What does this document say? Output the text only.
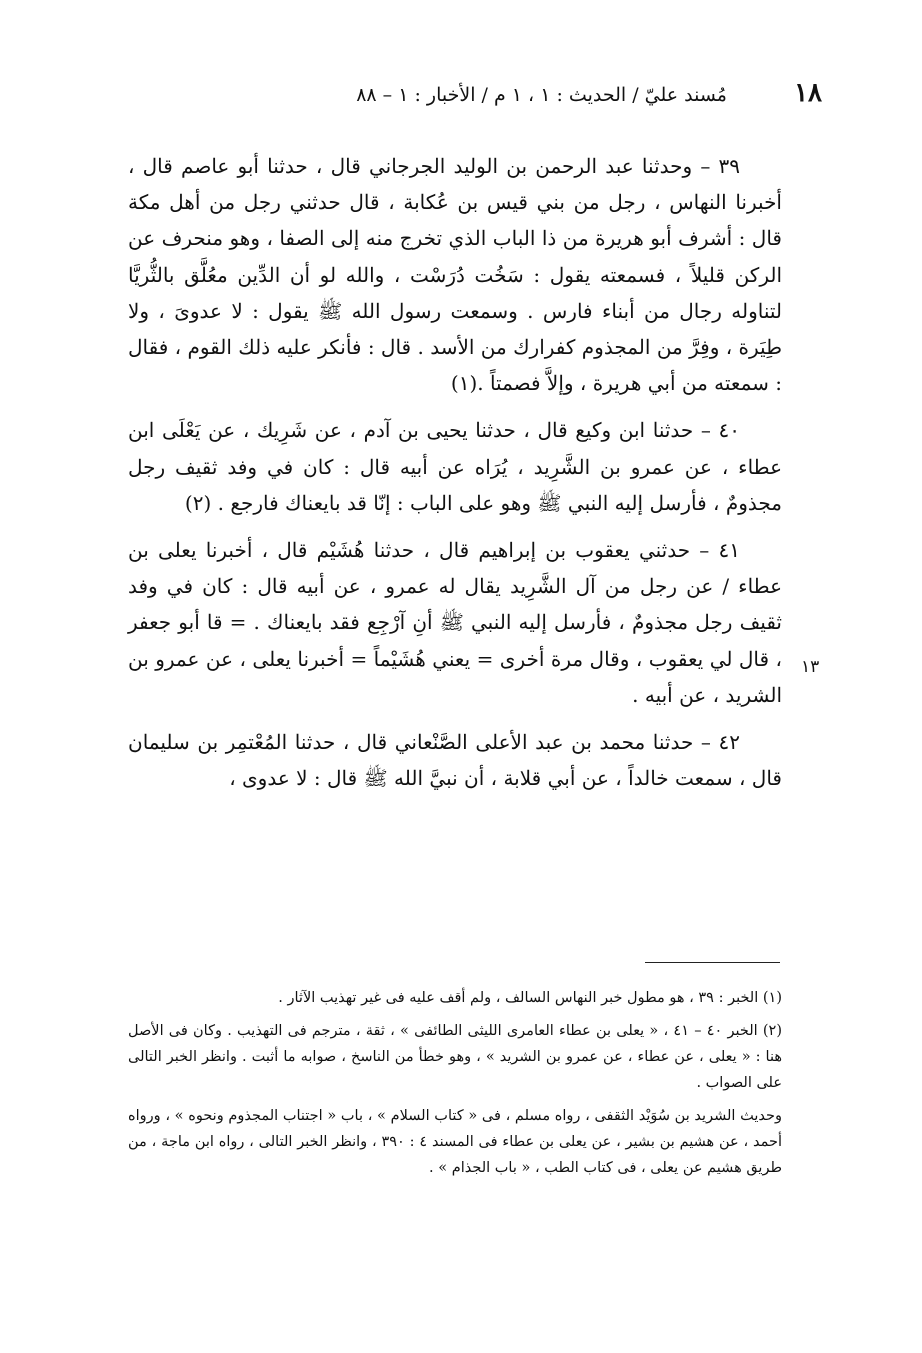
١٨
مُسند عليّ / الحديث : ١ ، ١ م / الأخبار : ١ – ٨٨

٣٩ – وحدثنا عبد الرحمن بن الوليد الجرجاني قال ، حدثنا أبو عاصم قال ، أخبرنا النهاس ، رجل من بني قيس بن عُكابة ، قال حدثني رجل من أهل مكة قال : أشرف أبو هريرة من ذا الباب الذي تخرج منه إلى الصفا ، وهو منحرف عن الركن قليلاً ، فسمعته يقول : سَخُت دُرَسْت ، والله لو أن الدِّين معُلَّق بالثُّريَّا لتناوله رجال من أبناء فارس . وسمعت رسول الله ﷺ يقول : لا عدوىَ ، ولا طِيَرة ، وفِرَّ من المجذوم كفرارك من الأسد . قال : فأنكر عليه ذلك القوم ، فقال : سمعته من أبي هريرة ، وإلاَّ فصمتاً .(١)

٤٠ – حدثنا ابن وكيع قال ، حدثنا يحيى بن آدم ، عن شَرِيك ، عن يَعْلَى ابن عطاء ، عن عمرو بن الشَّرِيد ، يُرَاه عن أبيه قال : كان في وفد ثقيف رجل مجذومٌ ، فأرسل إليه النبي ﷺ وهو على الباب : إنّا قد بايعناك فارجع . (٢)

٤١ – حدثني يعقوب بن إبراهيم قال ، حدثنا هُشَيْم قال ، أخبرنا يعلى بن عطاء / عن رجل من آل الشَّرِيد يقال له عمرو ، عن أبيه قال : كان في وفد ثقيف رجل مجذومٌ ، فأرسل إليه النبي ﷺ أنِ آرْجِع فقد بايعناك . = قا أبو جعفر ، قال لي يعقوب ، وقال مرة أخرى = يعني هُشَيْماً = أخبرنا يعلى ، عن عمرو بن الشريد ، عن أبيه .

٤٢ – حدثنا محمد بن عبد الأعلى الصَّنْعاني قال ، حدثنا المُعْتمِر بن سليمان قال ، سمعت خالداً ، عن أبي قلابة ، أن نبيَّ الله ﷺ قال : لا عدوى ،

١٣

(١) الخبر : ٣٩ ، هو مطول خبر النهاس السالف ، ولم أقف عليه فى غير تهذيب الآثار .

(٢) الخبر ٤٠ – ٤١ ، « يعلى بن عطاء العامرى الليثى الطائفى » ، ثقة ، مترجم فى التهذيب . وكان فى الأصل هنا : « يعلى ، عن عطاء ، عن عمرو بن الشريد » ، وهو خطأ من الناسخ ، صوابه ما أثبت . وانظر الخبر التالى على الصواب .

وحديث الشريد بن سُوَيْد الثقفى ، رواه مسلم ، فى « كتاب السلام » ، باب « اجتناب المجذوم ونحوه » ، ورواه أحمد ، عن هشيم بن بشير ، عن يعلى بن عطاء فى المسند ٤ : ٣٩٠ ، وانظر الخبر التالى ، رواه ابن ماجة ، من طريق هشيم عن يعلى ، فى كتاب الطب ، « باب الجذام » .
